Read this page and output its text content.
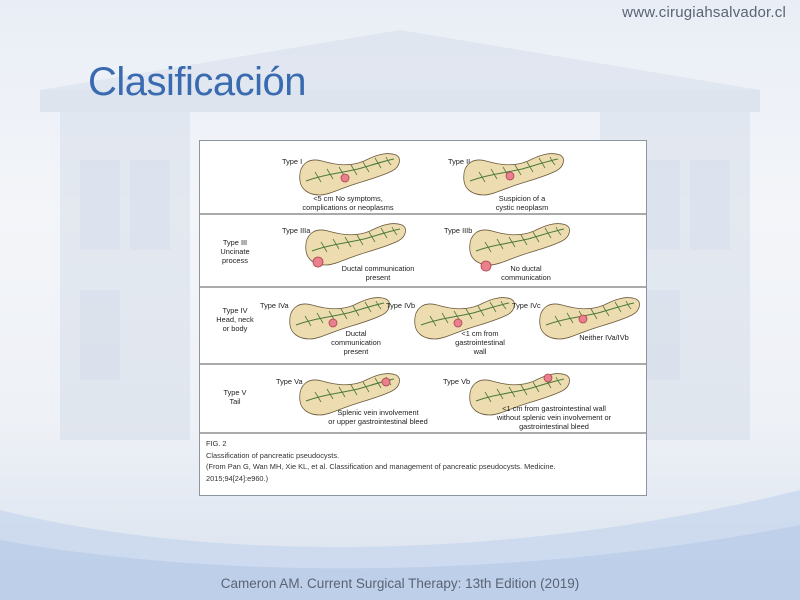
www.cirugiahsalvador.cl
Clasificación
Type I
<5 cm No symptoms,
complications or neoplasms
Type II
Suspicion of a
cystic neoplasm
Type III
Uncinate
process
Type IIIa
Ductal communication
present
Type IIIb
No ductal
communication
Type IV
Head, neck
or body
Type IVa
Ductal
communication
present
Type IVb
<1 cm from
gastrointestinal
wall
Type IVc
Neither IVa/IVb
Type V
Tail
Type Va
Splenic vein involvement
or upper gastrointestinal bleed
Type Vb
<1 cm from gastrointestinal wall
without splenic vein involvement or
gastrointestinal bleed
FIG. 2
Classification of pancreatic pseudocysts.
(From Pan G, Wan MH, Xie KL, et al. Classification and management of pancreatic pseudocysts. Medicine.
2015;94[24]:e960.)
Cameron AM. Current Surgical Therapy: 13th Edition (2019)
